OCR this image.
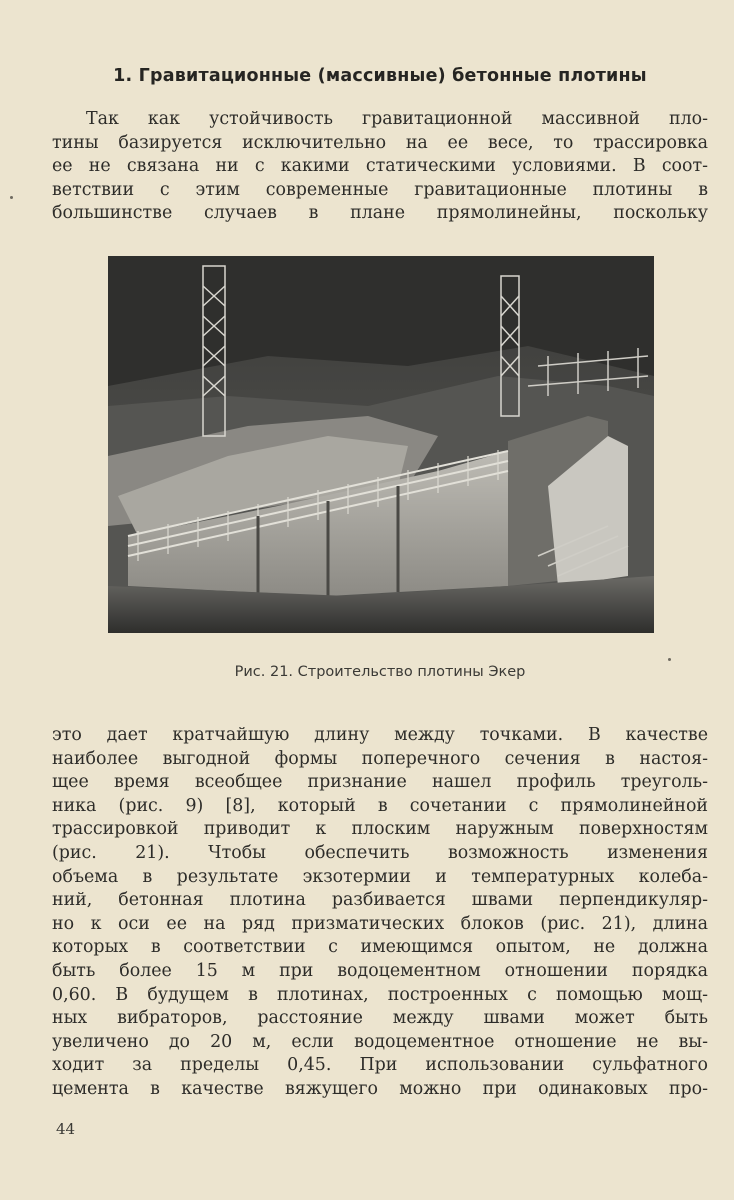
1. Гравитационные (массивные) бетонные плотины
Так как устойчивость гравитационной массивной пло-
тины базируется исключительно на ее весе, то трассировка
ее не связана ни с какими статическими условиями. В соот-
ветствии с этим современные гравитационные плотины в
большинстве случаев в плане прямолинейны, поскольку
Рис. 21. Строительство плотины Экер
это дает кратчайшую длину между точками. В качестве
наиболее выгодной формы поперечного сечения в настоя-
щее время всеобщее признание нашел профиль треуголь-
ника (рис. 9) [8], который в сочетании с прямолинейной
трассировкой приводит к плоским наружным поверхностям
(рис. 21). Чтобы обеспечить возможность изменения
объема в результате экзотермии и температурных колеба-
ний, бетонная плотина разбивается швами перпендикуляр-
но к оси ее на ряд призматических блоков (рис. 21), длина
которых в соответствии с имеющимся опытом, не должна
быть более 15 м при водоцементном отношении порядка
0,60. В будущем в плотинах, построенных с помощью мощ-
ных вибраторов, расстояние между швами может быть
увеличено до 20 м, если водоцементное отношение не вы-
ходит за пределы 0,45. При использовании сульфатного
цемента в качестве вяжущего можно при одинаковых про-
44
